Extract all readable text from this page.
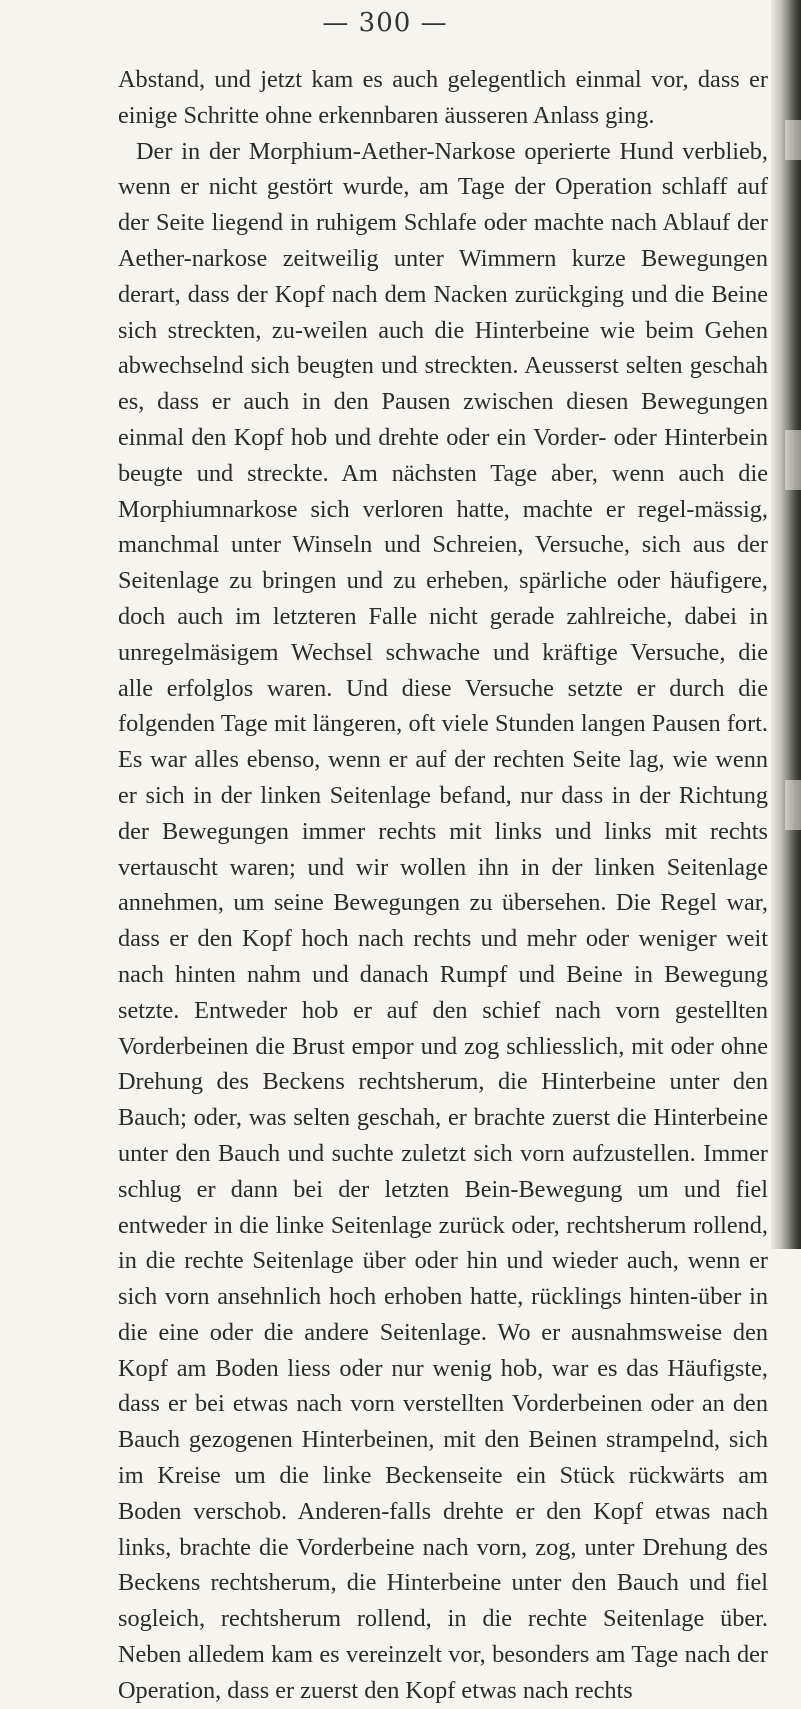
— 300 —

Abstand, und jetzt kam es auch gelegentlich einmal vor, dass er einige Schritte ohne erkennbaren äusseren Anlass ging.

Der in der Morphium-Aether-Narkose operierte Hund verblieb, wenn er nicht gestört wurde, am Tage der Operation schlaff auf der Seite liegend in ruhigem Schlafe oder machte nach Ablauf der Aether-narkose zeitweilig unter Wimmern kurze Bewegungen derart, dass der Kopf nach dem Nacken zurückging und die Beine sich streckten, zu-weilen auch die Hinterbeine wie beim Gehen abwechselnd sich beugten und streckten. Aeusserst selten geschah es, dass er auch in den Pausen zwischen diesen Bewegungen einmal den Kopf hob und drehte oder ein Vorder- oder Hinterbein beugte und streckte. Am nächsten Tage aber, wenn auch die Morphiumnarkose sich verloren hatte, machte er regel-mässig, manchmal unter Winseln und Schreien, Versuche, sich aus der Seitenlage zu bringen und zu erheben, spärliche oder häufigere, doch auch im letzteren Falle nicht gerade zahlreiche, dabei in unregelmäsigem Wechsel schwache und kräftige Versuche, die alle erfolglos waren. Und diese Versuche setzte er durch die folgenden Tage mit längeren, oft viele Stunden langen Pausen fort. Es war alles ebenso, wenn er auf der rechten Seite lag, wie wenn er sich in der linken Seitenlage befand, nur dass in der Richtung der Bewegungen immer rechts mit links und links mit rechts vertauscht waren; und wir wollen ihn in der linken Seitenlage annehmen, um seine Bewegungen zu übersehen. Die Regel war, dass er den Kopf hoch nach rechts und mehr oder weniger weit nach hinten nahm und danach Rumpf und Beine in Bewegung setzte. Entweder hob er auf den schief nach vorn gestellten Vorderbeinen die Brust empor und zog schliesslich, mit oder ohne Drehung des Beckens rechtsherum, die Hinterbeine unter den Bauch; oder, was selten geschah, er brachte zuerst die Hinterbeine unter den Bauch und suchte zuletzt sich vorn aufzustellen. Immer schlug er dann bei der letzten Bein-Bewegung um und fiel entweder in die linke Seitenlage zurück oder, rechtsherum rollend, in die rechte Seitenlage über oder hin und wieder auch, wenn er sich vorn ansehnlich hoch erhoben hatte, rücklings hinten-über in die eine oder die andere Seitenlage. Wo er ausnahmsweise den Kopf am Boden liess oder nur wenig hob, war es das Häufigste, dass er bei etwas nach vorn verstellten Vorderbeinen oder an den Bauch gezogenen Hinterbeinen, mit den Beinen strampelnd, sich im Kreise um die linke Beckenseite ein Stück rückwärts am Boden verschob. Anderen-falls drehte er den Kopf etwas nach links, brachte die Vorderbeine nach vorn, zog, unter Drehung des Beckens rechtsherum, die Hinterbeine unter den Bauch und fiel sogleich, rechtsherum rollend, in die rechte Seitenlage über. Neben alledem kam es vereinzelt vor, besonders am Tage nach der Operation, dass er zuerst den Kopf etwas nach rechts
